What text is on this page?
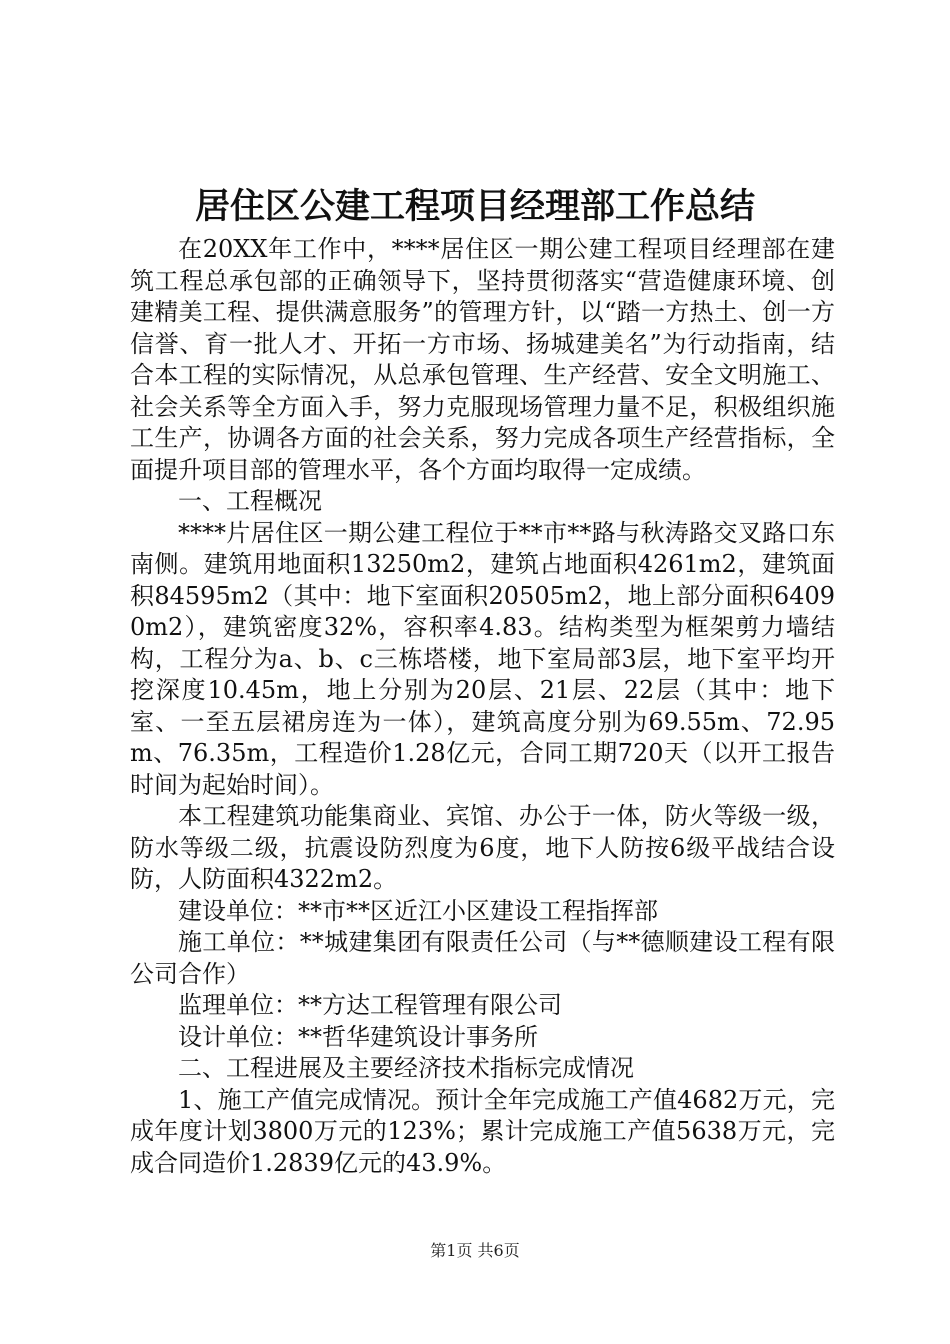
居住区公建工程项目经理部工作总结

在20XX年工作中，****居住区一期公建工程项目经理部在建筑工程总承包部的正确领导下，坚持贯彻落实“营造健康环境、创建精美工程、提供满意服务”的管理方针，以“踏一方热土、创一方信誉、育一批人才、开拓一方市场、扬城建美名”为行动指南，结合本工程的实际情况，从总承包管理、生产经营、安全文明施工、社会关系等全方面入手，努力克服现场管理力量不足，积极组织施工生产，协调各方面的社会关系，努力完成各项生产经营指标，全面提升项目部的管理水平，各个方面均取得一定成绩。

一、工程概况

****片居住区一期公建工程位于**市**路与秋涛路交叉路口东南侧。建筑用地面积13250m2，建筑占地面积4261m2，建筑面积84595m2（其中：地下室面积20505m2，地上部分面积64090m2），建筑密度32%，容积率4.83。结构类型为框架剪力墙结构，工程分为a、b、c三栋塔楼，地下室局部3层，地下室平均开挖深度10.45m，地上分别为20层、21层、22层（其中：地下室、一至五层裙房连为一体），建筑高度分别为69.55m、72.95m、76.35m，工程造价1.28亿元，合同工期720天（以开工报告时间为起始时间）。

本工程建筑功能集商业、宾馆、办公于一体，防火等级一级，防水等级二级，抗震设防烈度为6度，地下人防按6级平战结合设防，人防面积4322m2。

建设单位：**市**区近江小区建设工程指挥部

施工单位：**城建集团有限责任公司（与**德顺建设工程有限公司合作）

监理单位：**方达工程管理有限公司

设计单位：**哲华建筑设计事务所

二、工程进展及主要经济技术指标完成情况

1、施工产值完成情况。预计全年完成施工产值4682万元，完成年度计划3800万元的123%；累计完成施工产值5638万元，完成合同造价1.2839亿元的43.9%。

第1页 共6页
